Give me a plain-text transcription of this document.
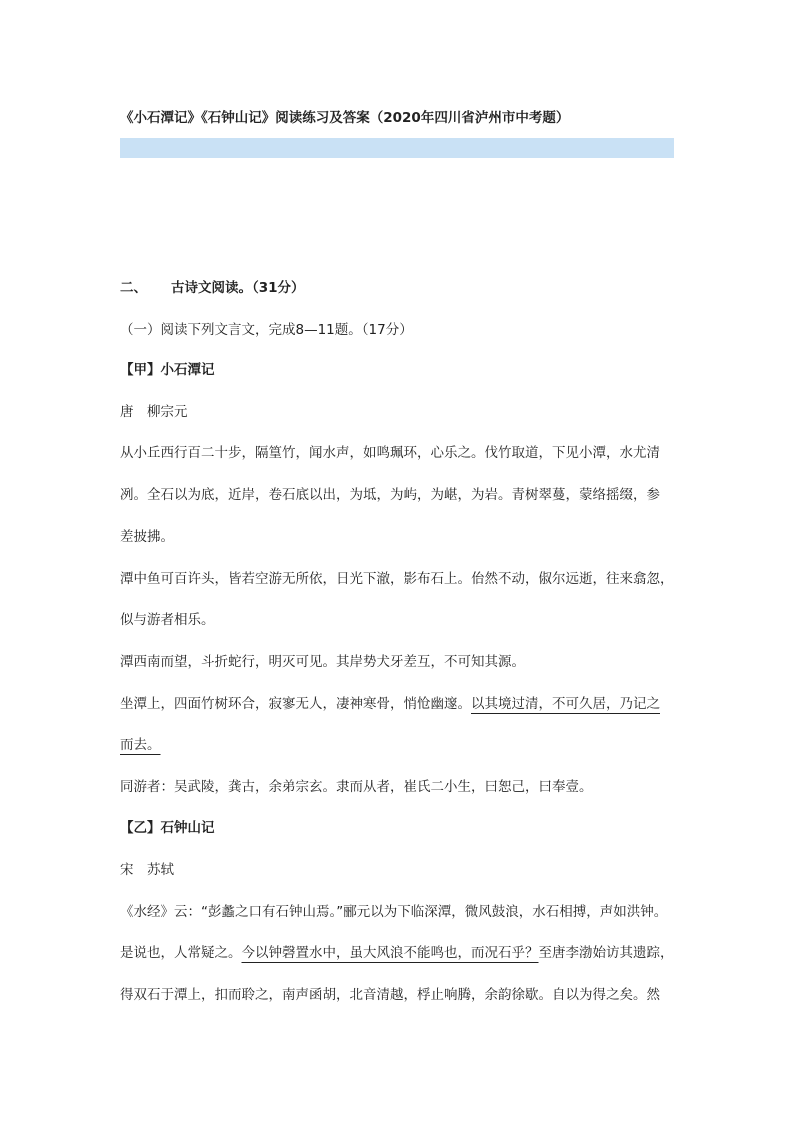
《小石潭记》《石钟山记》阅读练习及答案（2020年四川省泸州市中考题）
二、 古诗文阅读。（31分）
（一）阅读下列文言文，完成8—11题。（17分）
【甲】小石潭记
唐　柳宗元
从小丘西行百二十步，隔篁竹，闻水声，如鸣珮环，心乐之。伐竹取道，下见小潭，水尤清
冽。全石以为底，近岸，卷石底以出，为坻，为屿，为嵁，为岩。青树翠蔓，蒙络摇缀，参
差披拂。
潭中鱼可百许头，皆若空游无所依，日光下澈，影布石上。佁然不动，俶尔远逝，往来翕忽，
似与游者相乐。
潭西南而望，斗折蛇行，明灭可见。其岸势犬牙差互，不可知其源。
坐潭上，四面竹树环合，寂寥无人，凄神寒骨，悄怆幽邃。以其境过清，不可久居，乃记之
而去。
同游者：吴武陵，龚古，余弟宗玄。隶而从者，崔氏二小生，曰恕己，曰奉壹。
【乙】石钟山记
宋　苏轼
《水经》云：“彭蠡之口有石钟山焉。”郦元以为下临深潭，微风鼓浪，水石相搏，声如洪钟。
是说也，人常疑之。今以钟磬置水中，虽大风浪不能鸣也，而况石乎？至唐李渤始访其遗踪，
得双石于潭上，扣而聆之，南声函胡，北音清越，桴止响腾，余韵徐歇。自以为得之矣。然
